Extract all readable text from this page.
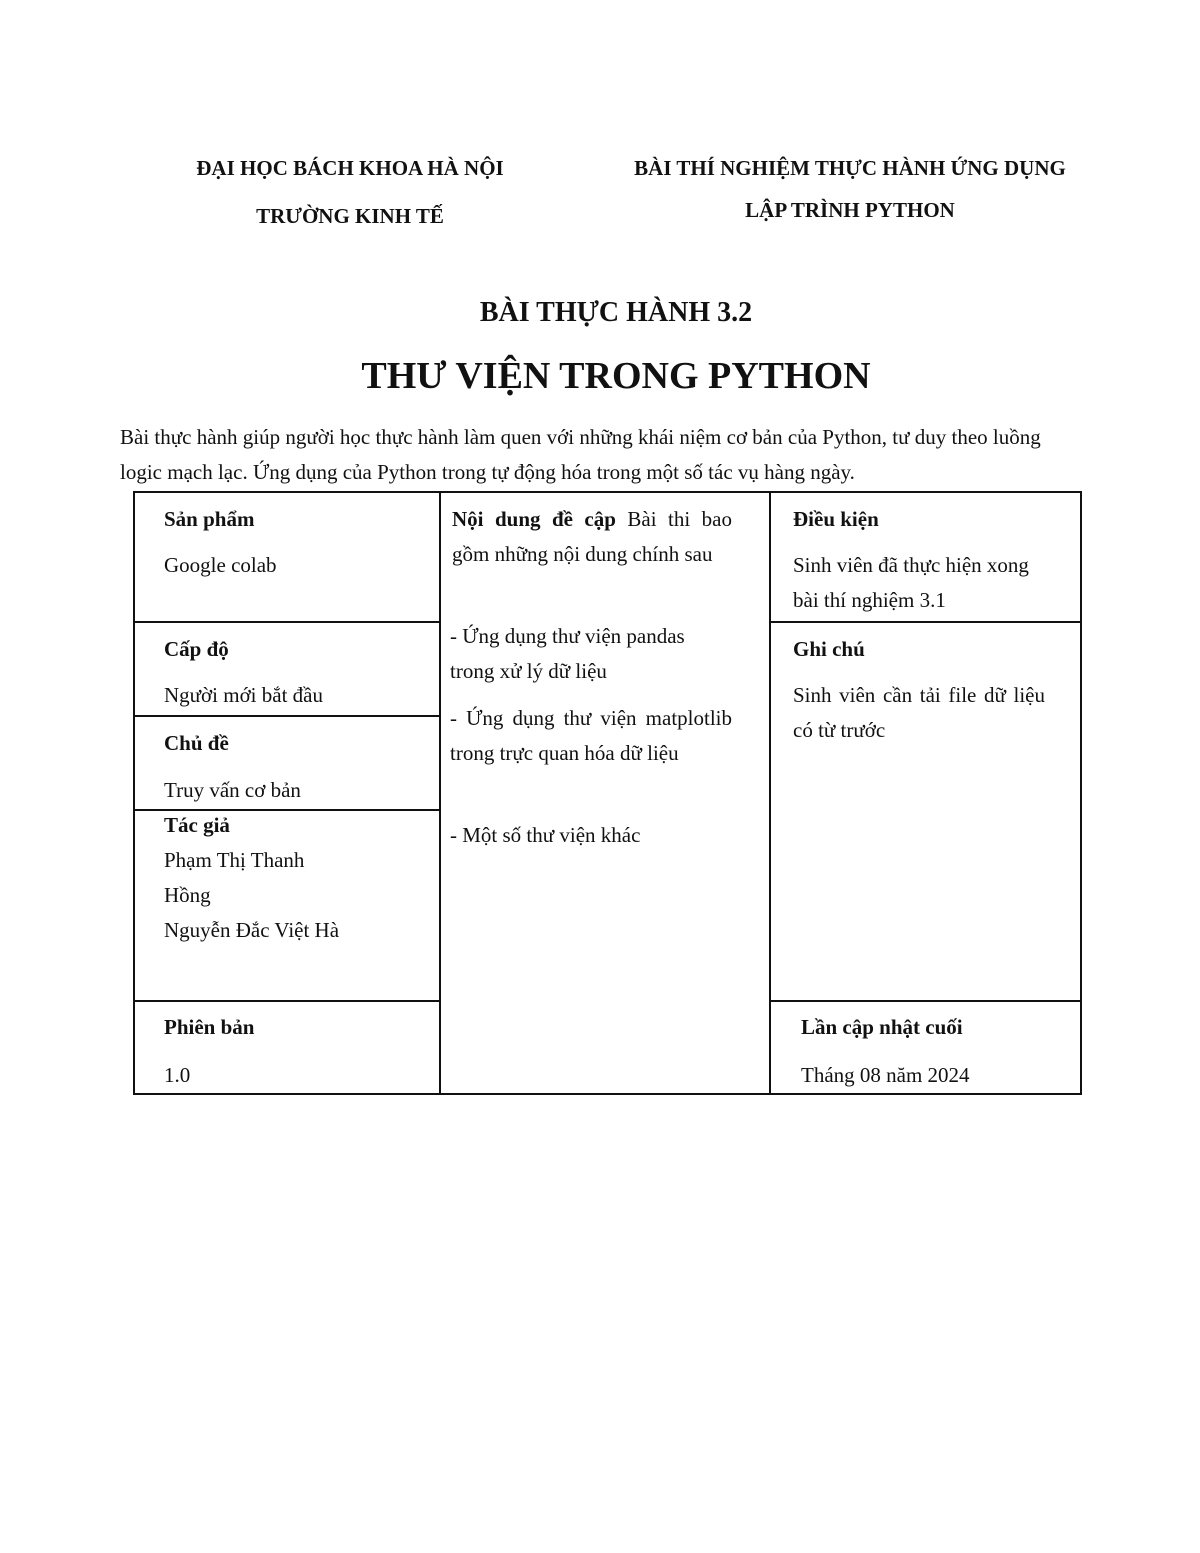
ĐẠI HỌC BÁCH KHOA HÀ NỘI
TRƯỜNG KINH TẾ
BÀI THÍ NGHIỆM THỰC HÀNH ỨNG DỤNG
LẬP TRÌNH PYTHON
BÀI THỰC HÀNH 3.2
THƯ VIỆN TRONG PYTHON
Bài thực hành giúp người học thực hành làm quen với những khái niệm cơ bản của Python, tư duy theo luồng logic mạch lạc. Ứng dụng của Python trong tự động hóa trong một số tác vụ hàng ngày.
Sản phẩm
Google colab
Cấp độ
Người mới bắt đầu
Chủ đề
Truy vấn cơ bản
Tác giả
Phạm Thị Thanh
Hồng
Nguyễn Đắc Việt Hà
Phiên bản
1.0
Nội dung đề cập Bài thi bao gồm những nội dung chính sau
- Ứng dụng thư viện pandas trong xử lý dữ liệu
- Ứng dụng thư viện matplotlib trong trực quan hóa dữ liệu
- Một số thư viện khác
Điều kiện
Sinh viên đã thực hiện xong bài thí nghiệm 3.1
Ghi chú
Sinh viên cần tải file dữ liệu có từ trước
Lần cập nhật cuối
Tháng 08 năm 2024
